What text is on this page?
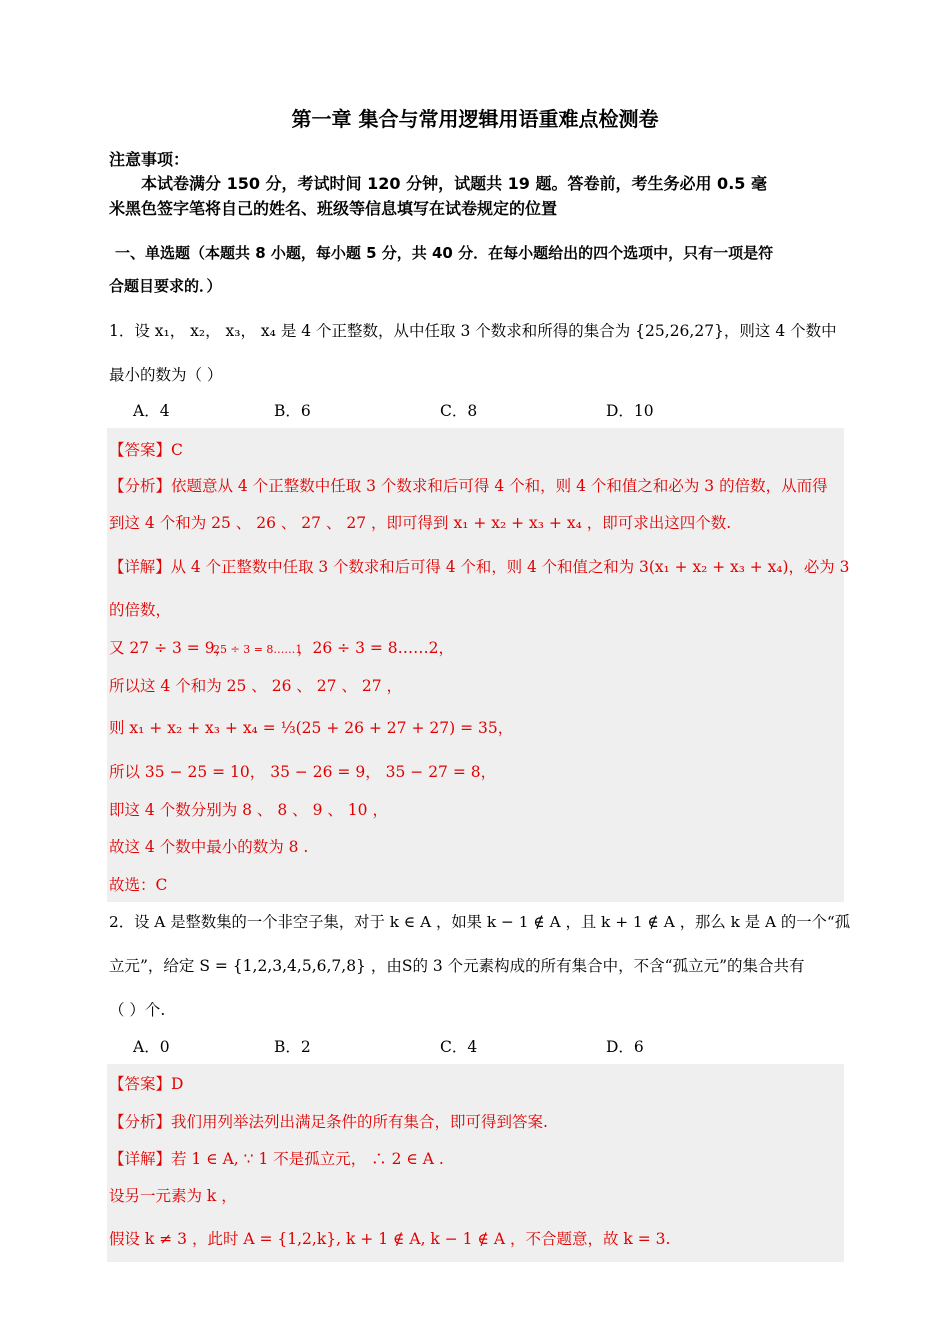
第一章 集合与常用逻辑用语重难点检测卷
注意事项：
本试卷满分 150 分，考试时间 120 分钟，试题共 19 题。答卷前，考生务必用 0.5 毫
米黑色签字笔将自己的姓名、班级等信息填写在试卷规定的位置
一、单选题（本题共 8 小题，每小题 5 分，共 40 分．在每小题给出的四个选项中，只有一项是符
合题目要求的．）
1．设 x₁， x₂， x₃， x₄ 是 4 个正整数，从中任取 3 个数求和所得的集合为 {25,26,27}，则这 4 个数中
最小的数为（ ）
A．4	B．6	C．8	D．10
【答案】C
【分析】依题意从 4 个正整数中任取 3 个数求和后可得 4 个和，则 4 个和值之和必为 3 的倍数，从而得
到这 4 个和为 25 、 26 、 27 、 27 ，即可得到 x₁ + x₂ + x₃ + x₄ ，即可求出这四个数.
【详解】从 4 个正整数中任取 3 个数求和后可得 4 个和，则 4 个和值之和为 3(x₁ + x₂ + x₃ + x₄)，必为 3
的倍数，
又 27 ÷ 3 = 9，
25 ÷ 3 = 8……1
，26 ÷ 3 = 8……2，
所以这 4 个和为 25 、 26 、 27 、 27 ，
则 x₁ + x₂ + x₃ + x₄ = ⅓(25 + 26 + 27 + 27) = 35，
所以 35 − 25 = 10， 35 − 26 = 9， 35 − 27 = 8，
即这 4 个数分别为 8 、 8 、 9 、 10 ，
故这 4 个数中最小的数为 8 .
故选：C
2．设 A 是整数集的一个非空子集，对于 k ∈ A ，如果 k − 1 ∉ A ，且 k + 1 ∉ A ，那么 k 是 A 的一个“孤
立元”，给定 S = {1,2,3,4,5,6,7,8} ，由S的 3 个元素构成的所有集合中，不含“孤立元”的集合共有
（ ）个.
A．0	B．2	C．4	D．6
【答案】D
【分析】我们用列举法列出满足条件的所有集合，即可得到答案.
【详解】若 1 ∈ A, ∵ 1 不是孤立元， ∴ 2 ∈ A .
设另一元素为 k ，
假设 k ≠ 3 ，此时 A = {1,2,k}, k + 1 ∉ A, k − 1 ∉ A ，不合题意，故 k = 3.
